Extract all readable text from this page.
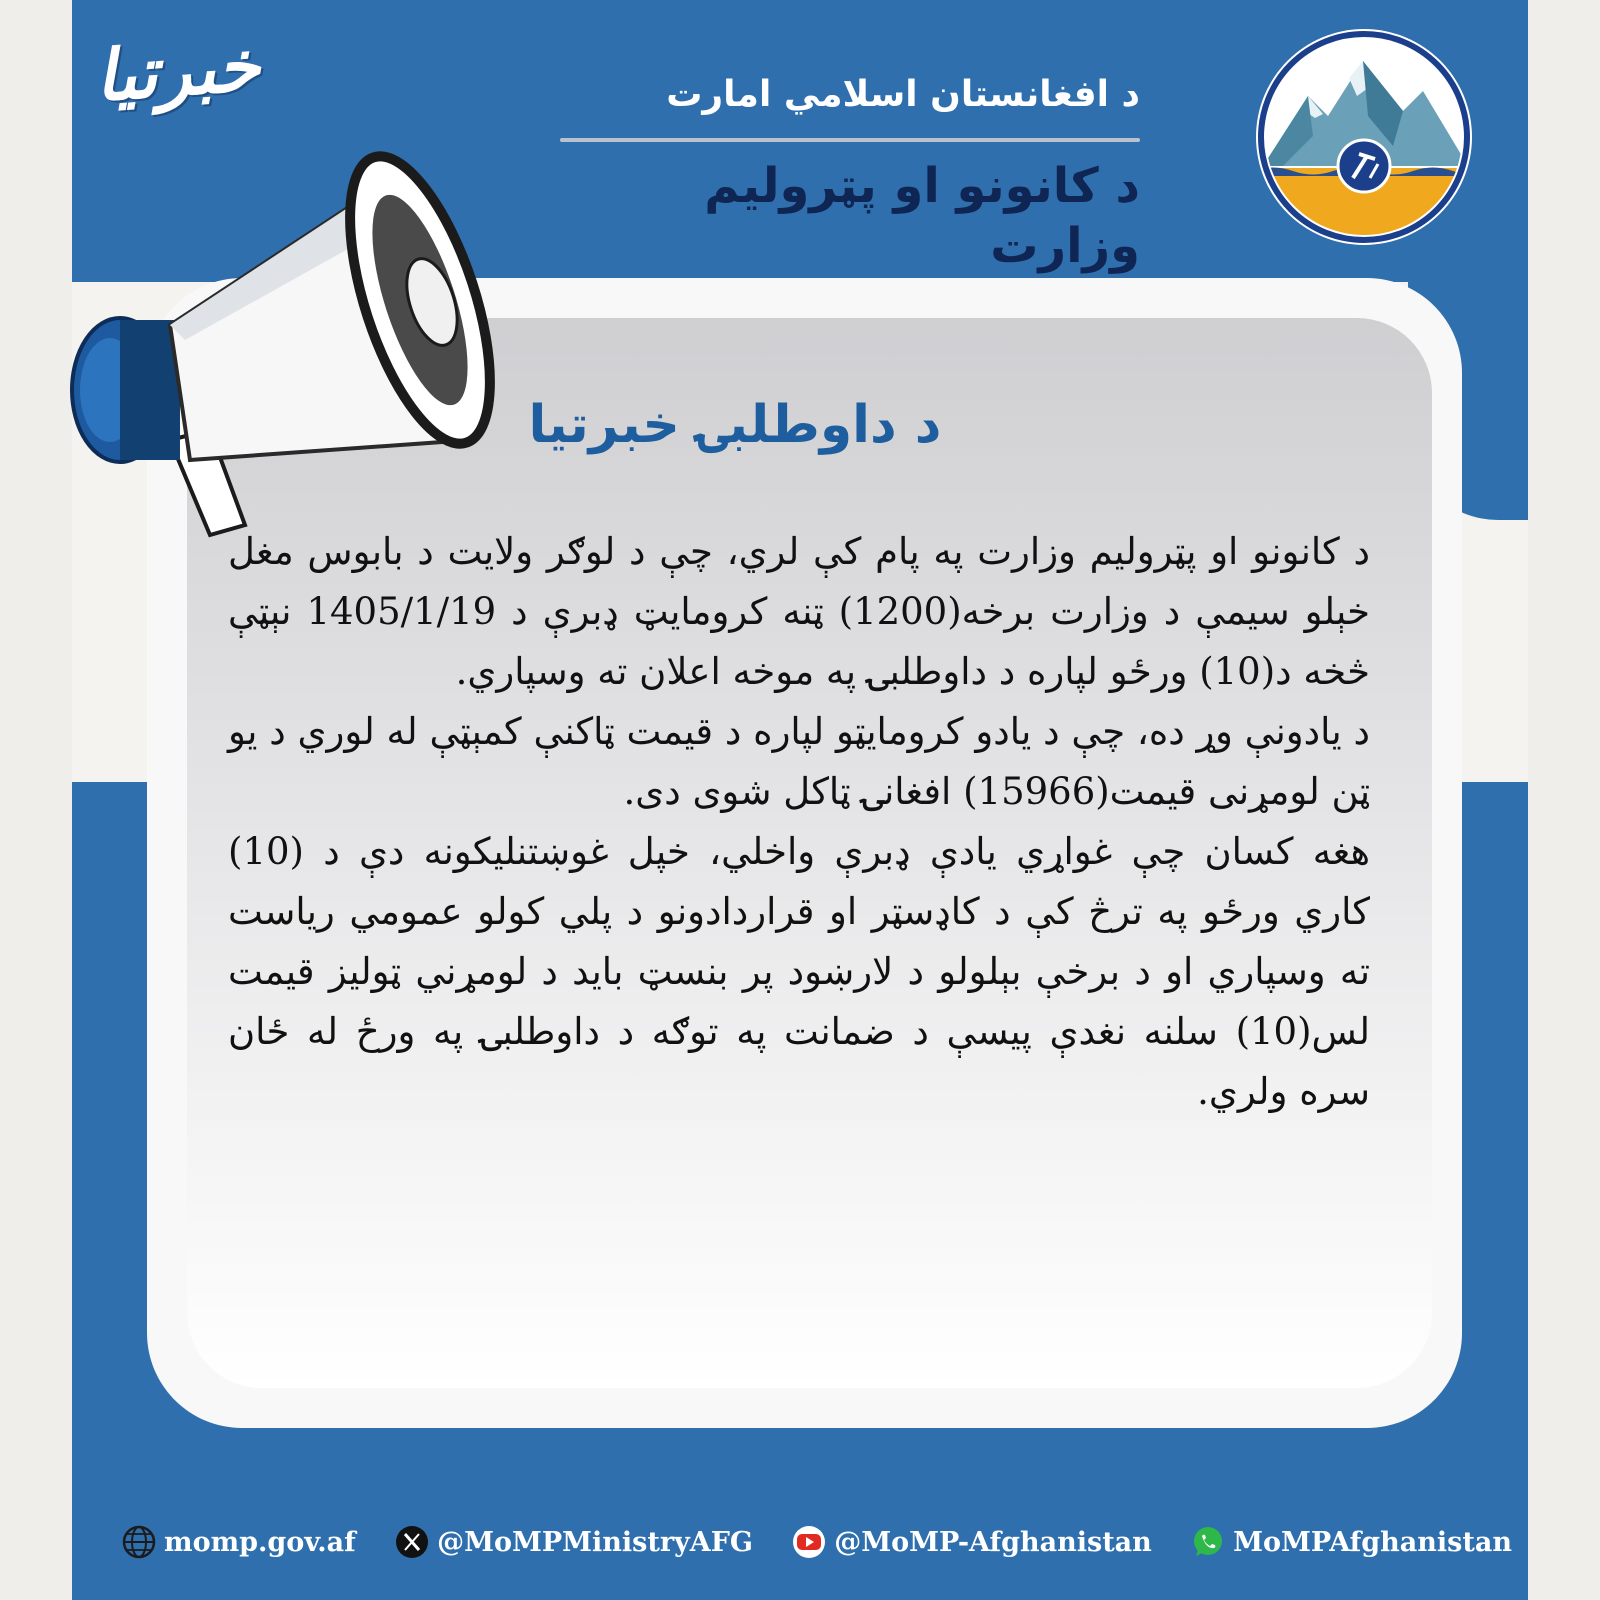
خبرتیا	د افغانستان اسلامي امارت
د کانونو او پټرولیم وزارت
د داوطلبۍ خبرتیا

د کانونو او پټرولیم وزارت په پام کې لري، چې د لوګر ولایت د بابوس مغل خېلو سیمې د وزارت برخه(1200) ټنه کرومایټ ډبرې د 1405/1/19 نېټې څخه د(10) ورځو لپاره د داوطلبۍ په موخه اعلان ته وسپاري.

د یادونې وړ ده، چې د یادو کرومایټو لپاره د قیمت ټاکنې کمېټې له لوري د یو ټن لومړنی قیمت(15966) افغانۍ ټاکل شوی دی.

هغه کسان چې غواړي یادې ډبرې واخلي، خپل غوښتنلیکونه دې د (10) کاري ورځو په ترڅ کې د کاډسټر او قراردادونو د پلي کولو عمومي ریاست ته وسپاري او د برخې بېلولو د لارښود پر بنسټ باید د لومړني ټولیز قیمت لس(10) سلنه نغدې پیسې د ضمانت په توګه د داوطلبۍ په ورځ له ځان سره ولري.

momp.gov.af	@MoMPMinistryAFG	@MoMP-Afghanistan	MoMPAfghanistan
